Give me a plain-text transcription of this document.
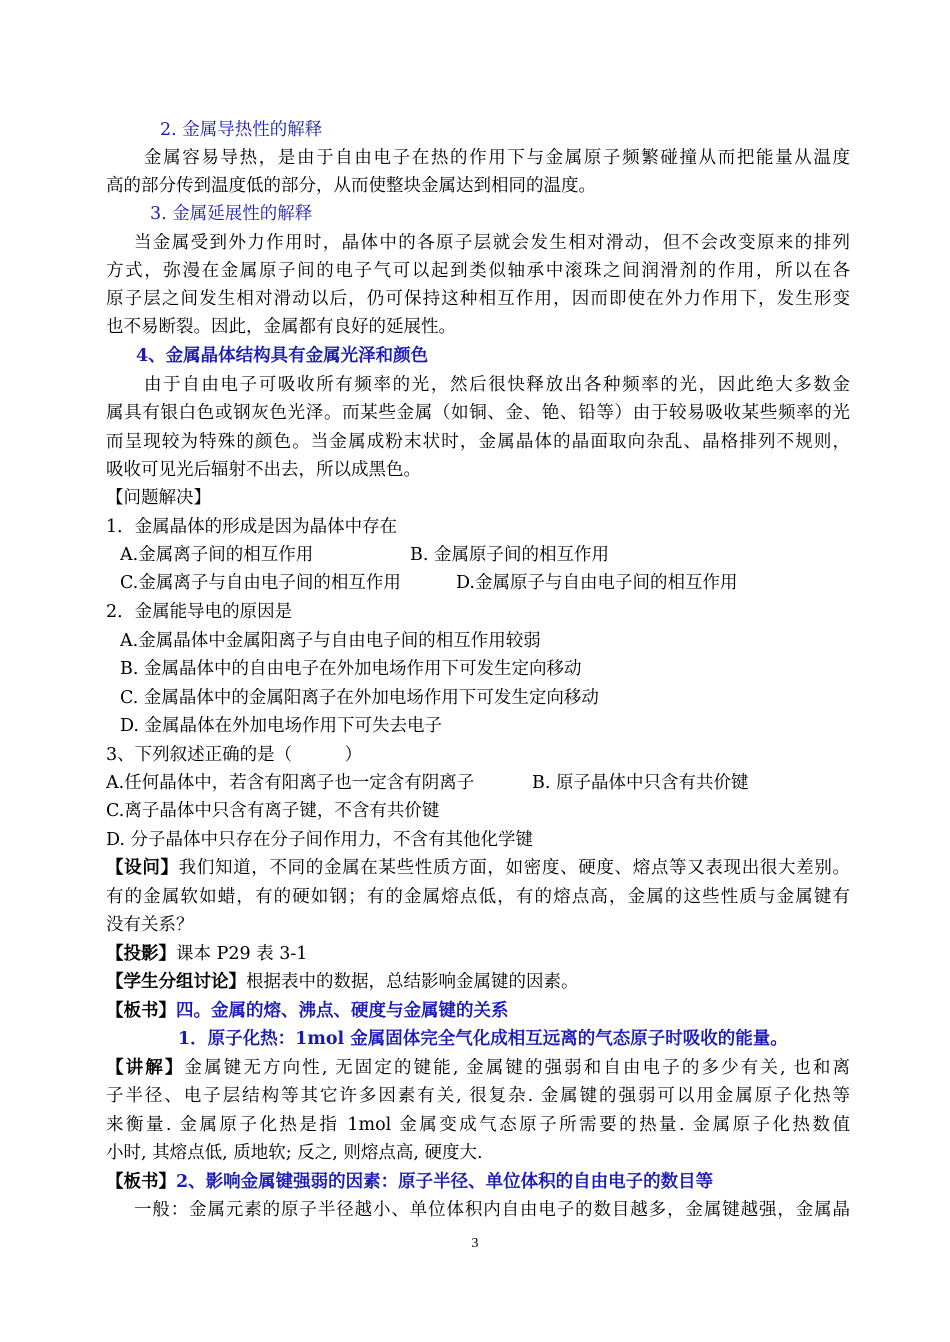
2. 金属导热性的解释
金属容易导热，是由于自由电子在热的作用下与金属原子频繁碰撞从而把能量从温度
高的部分传到温度低的部分，从而使整块金属达到相同的温度。
3. 金属延展性的解释
当金属受到外力作用时，晶体中的各原子层就会发生相对滑动，但不会改变原来的排列
方式，弥漫在金属原子间的电子气可以起到类似轴承中滚珠之间润滑剂的作用，所以在各
原子层之间发生相对滑动以后，仍可保持这种相互作用，因而即使在外力作用下，发生形变
也不易断裂。因此，金属都有良好的延展性。
4、金属晶体结构具有金属光泽和颜色
由于自由电子可吸收所有频率的光，然后很快释放出各种频率的光，因此绝大多数金
属具有银白色或钢灰色光泽。而某些金属（如铜、金、铯、铅等）由于较易吸收某些频率的光
而呈现较为特殊的颜色。当金属成粉末状时，金属晶体的晶面取向杂乱、晶格排列不规则，
吸收可见光后辐射不出去，所以成黑色。
【问题解决】
1．金属晶体的形成是因为晶体中存在
A.金属离子间的相互作用	B. 金属原子间的相互作用
C.金属离子与自由电子间的相互作用	D.金属原子与自由电子间的相互作用
2．金属能导电的原因是
A.金属晶体中金属阳离子与自由电子间的相互作用较弱
B. 金属晶体中的自由电子在外加电场作用下可发生定向移动
C. 金属晶体中的金属阳离子在外加电场作用下可发生定向移动
D. 金属晶体在外加电场作用下可失去电子
3、下列叙述正确的是（　　　）
A.任何晶体中，若含有阳离子也一定含有阴离子	B. 原子晶体中只含有共价键
C.离子晶体中只含有离子键，不含有共价键
D. 分子晶体中只存在分子间作用力，不含有其他化学键
【设问】我们知道，不同的金属在某些性质方面，如密度、硬度、熔点等又表现出很大差别。
有的金属软如蜡，有的硬如钢；有的金属熔点低，有的熔点高，金属的这些性质与金属键有
没有关系？
【投影】课本 P29 表 3-1
【学生分组讨论】根据表中的数据，总结影响金属键的因素。
【板书】四。金属的熔、沸点、硬度与金属键的关系
1．原子化热：1mol 金属固体完全气化成相互远离的气态原子时吸收的能量。
【讲解】金属键无方向性, 无固定的键能, 金属键的强弱和自由电子的多少有关, 也和离
子半径、电子层结构等其它许多因素有关, 很复杂. 金属键的强弱可以用金属原子化热等
来衡量. 金属原子化热是指 1mol 金属变成气态原子所需要的热量. 金属原子化热数值
小时, 其熔点低, 质地软; 反之, 则熔点高, 硬度大.
【板书】2、影响金属键强弱的因素：原子半径、单位体积的自由电子的数目等
一般：金属元素的原子半径越小、单位体积内自由电子的数目越多，金属键越强，金属晶
3
